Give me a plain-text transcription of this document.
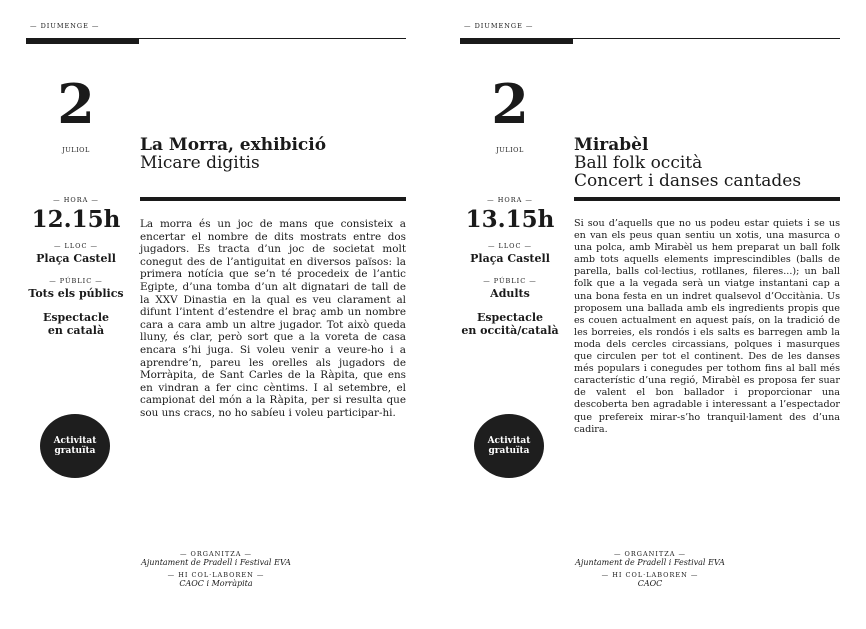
— DIUMENGE —
2
JULIOL
— HORA —
12.15h
— LLOC —
Plaça Castell
— PÚBLIC —
Tots els públics
Espectacle
en català
Activitat
gratuïta
La Morra, exhibició
Micare digitis

La morra és un joc de mans que consisteix a encertar el nombre de dits mostrats entre dos jugadors. Es tracta d’un joc de societat molt conegut des de l’antiguitat en diversos països: la primera notícia que se’n té procedeix de l’antic Egipte, d’una tomba d’un alt dignatari de tall de la XXV Dinastia en la qual es veu clarament al difunt l’intent d’estendre el braç amb un nombre cara a cara amb un altre jugador. Tot això queda lluny, és clar, però sort que a la voreta de casa encara s’hi juga. Si voleu venir a veure-ho i a aprendre’n, pareu les orelles als jugadors de Morràpita, de Sant Carles de la Ràpita, que ens en vindran a fer cinc cèntims. I al setembre, el campionat del món a la Ràpita, per si resulta que sou uns cracs, no ho sabíeu i voleu participar-hi.

— ORGANITZA —
Ajuntament de Pradell i Festival EVA
— HI COL·LABOREN —
CAOC i Morràpita
— DIUMENGE —
2
JULIOL
— HORA —
13.15h
— LLOC —
Plaça Castell
— PÚBLIC —
Adults
Espectacle
en occità/català
Activitat
gratuïta
Mirabèl
Ball folk occità
Concert i danses cantades

Si sou d’aquells que no us podeu estar quiets i se us en van els peus quan sentiu un xotis, una masurca o una polca, amb Mirabèl us hem preparat un ball folk amb tots aquells elements imprescindibles (balls de parella, balls col·lectius, rotllanes, fileres...); un ball folk que a la vegada serà un viatge instantani cap a una bona festa en un indret qualsevol d’Occitània. Us proposem una ballada amb els ingredients propis que es couen actualment en aquest país, on la tradició de les borreies, els rondós i els salts es barregen amb la moda dels cercles circassians, polques i masurques que circulen per tot el continent. Des de les danses més populars i conegudes per tothom fins al ball més característic d’una regió, Mirabèl es proposa fer suar de valent el bon ballador i proporcionar una descoberta ben agradable i interessant a l’espectador que prefereix mirar-s’ho tranquil·lament des d’una cadira.

— ORGANITZA —
Ajuntament de Pradell i Festival EVA
— HI COL·LABOREN —
CAOC
